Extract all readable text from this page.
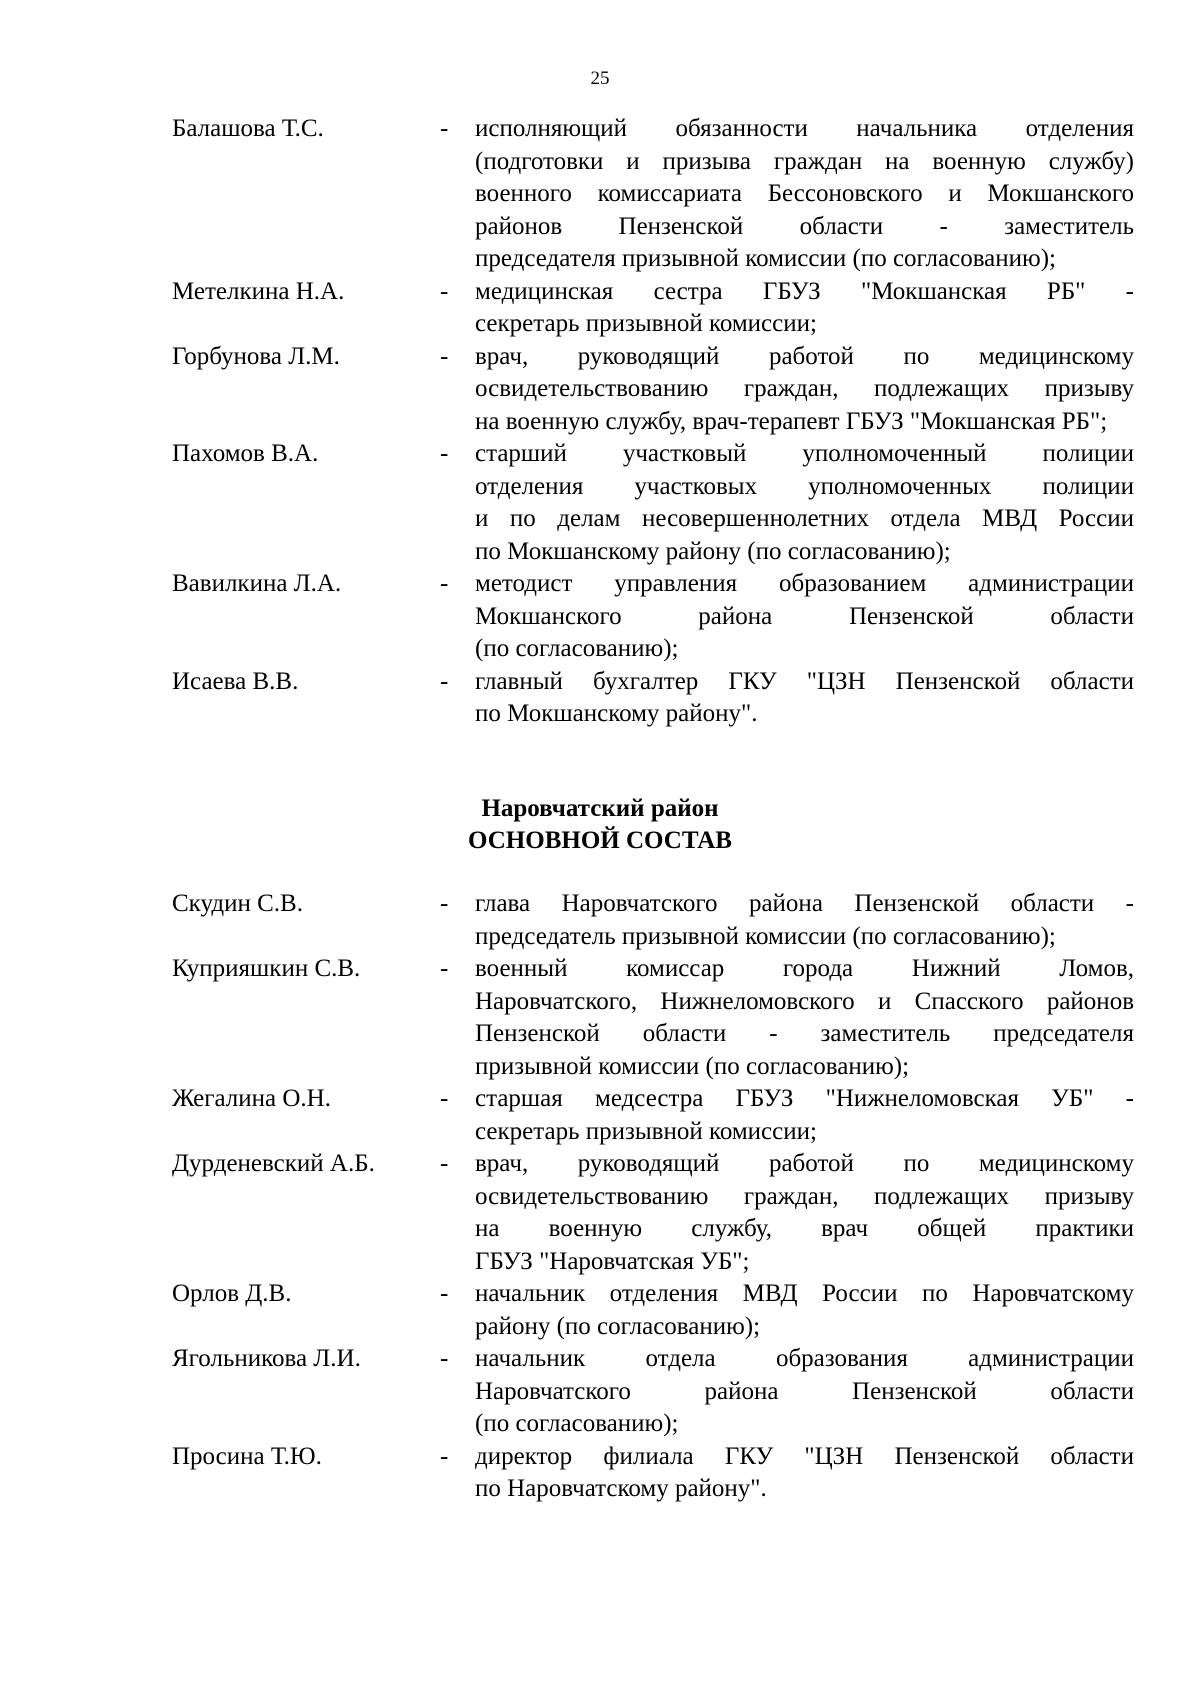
25
Балашова Т.С.	-	исполняющий обязанности начальника отделения
(подготовки и призыва граждан на военную службу)
военного комиссариата Бессоновского и Мокшанского
районов Пензенской области - заместитель
председателя призывной комиссии (по согласованию);
Метелкина Н.А.	-	медицинская сестра ГБУЗ "Мокшанская РБ" -
секретарь призывной комиссии;
Горбунова Л.М.	-	врач, руководящий работой по медицинскому
освидетельствованию граждан, подлежащих призыву
на военную службу, врач-терапевт ГБУЗ "Мокшанская РБ";
Пахомов В.А.	-	старший участковый уполномоченный полиции
отделения участковых уполномоченных полиции
и по делам несовершеннолетних отдела МВД России
по Мокшанскому району (по согласованию);
Вавилкина Л.А.	-	методист управления образованием администрации
Мокшанского района Пензенской области
(по согласованию);
Исаева В.В.	-	главный бухгалтер ГКУ "ЦЗН Пензенской области
по Мокшанскому району".
Наровчатский район
ОСНОВНОЙ СОСТАВ
Скудин С.В.	-	глава Наровчатского района Пензенской области -
председатель призывной комиссии (по согласованию);
Куприяшкин С.В.	-	военный комиссар города Нижний Ломов,
Наровчатского, Нижнеломовского и Спасского районов
Пензенской области - заместитель председателя
призывной комиссии (по согласованию);
Жегалина О.Н.	-	старшая медсестра ГБУЗ "Нижнеломовская УБ" -
секретарь призывной комиссии;
Дурденевский А.Б.	-	врач, руководящий работой по медицинскому
освидетельствованию граждан, подлежащих призыву
на военную службу, врач общей практики
ГБУЗ "Наровчатская УБ";
Орлов Д.В.	-	начальник отделения МВД России по Наровчатскому
району (по согласованию);
Ягольникова Л.И.	-	начальник отдела образования администрации
Наровчатского района Пензенской области
(по согласованию);
Просина Т.Ю.	-	директор филиала ГКУ "ЦЗН Пензенской области
по Наровчатскому району".
